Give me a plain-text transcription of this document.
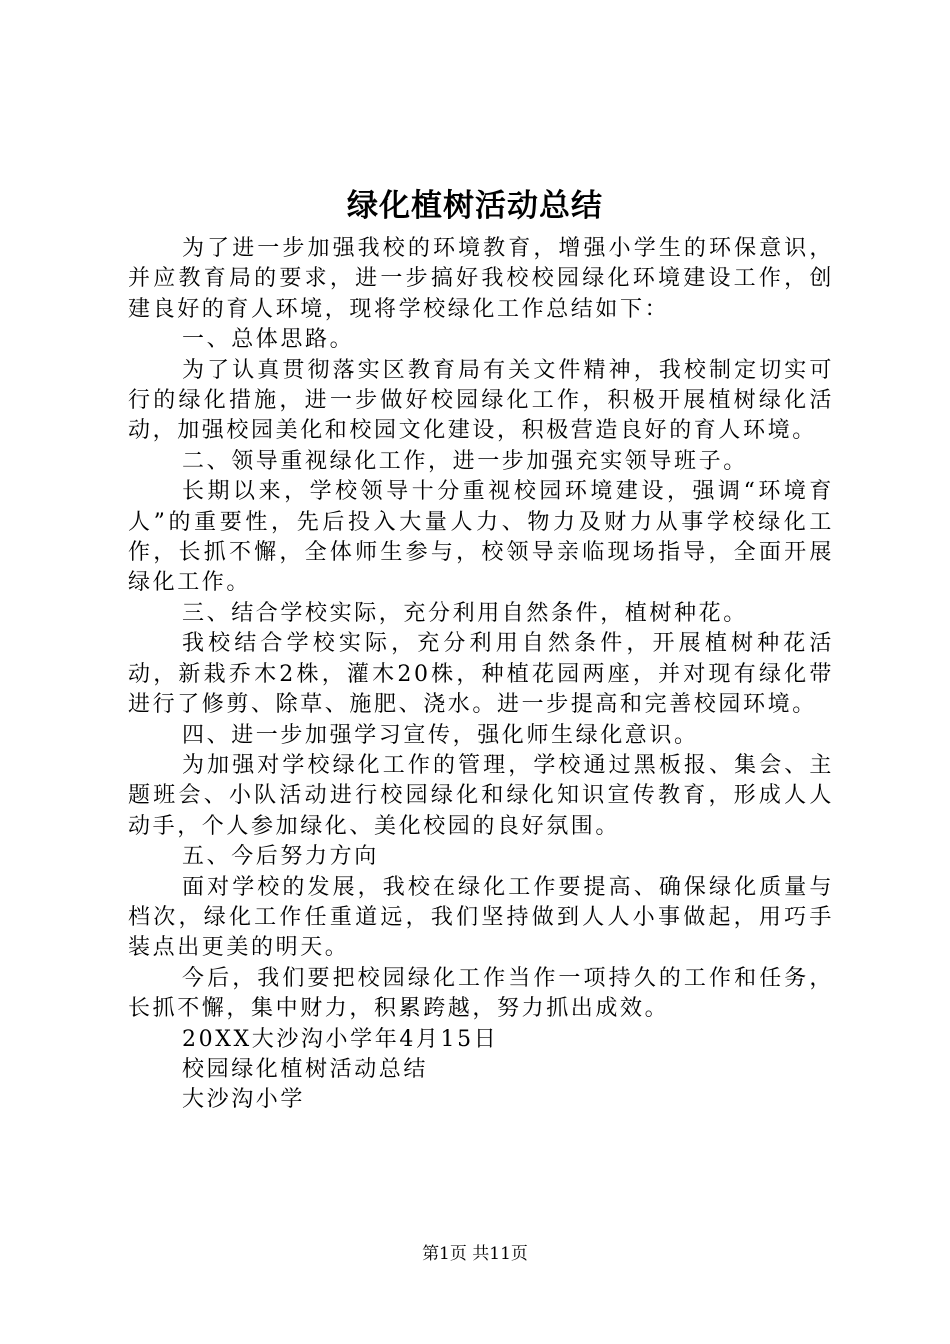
绿化植树活动总结

为了进一步加强我校的环境教育，增强小学生的环保意识，并应教育局的要求，进一步搞好我校校园绿化环境建设工作，创建良好的育人环境，现将学校绿化工作总结如下：

一、总体思路。

为了认真贯彻落实区教育局有关文件精神，我校制定切实可行的绿化措施，进一步做好校园绿化工作，积极开展植树绿化活动，加强校园美化和校园文化建设，积极营造良好的育人环境。

二、领导重视绿化工作，进一步加强充实领导班子。

长期以来，学校领导十分重视校园环境建设，强调“环境育人”的重要性，先后投入大量人力、物力及财力从事学校绿化工作，长抓不懈，全体师生参与，校领导亲临现场指导，全面开展绿化工作。

三、结合学校实际，充分利用自然条件，植树种花。

我校结合学校实际，充分利用自然条件，开展植树种花活动，新栽乔木2株，灌木20株，种植花园两座，并对现有绿化带进行了修剪、除草、施肥、浇水。进一步提高和完善校园环境。

四、进一步加强学习宣传，强化师生绿化意识。

为加强对学校绿化工作的管理，学校通过黑板报、集会、主题班会、小队活动进行校园绿化和绿化知识宣传教育，形成人人动手，个人参加绿化、美化校园的良好氛围。

五、今后努力方向

面对学校的发展，我校在绿化工作要提高、确保绿化质量与档次，绿化工作任重道远，我们坚持做到人人小事做起，用巧手装点出更美的明天。

今后，我们要把校园绿化工作当作一项持久的工作和任务，长抓不懈，集中财力，积累跨越，努力抓出成效。

20XX大沙沟小学年4月15日

校园绿化植树活动总结

大沙沟小学

第1页 共11页
